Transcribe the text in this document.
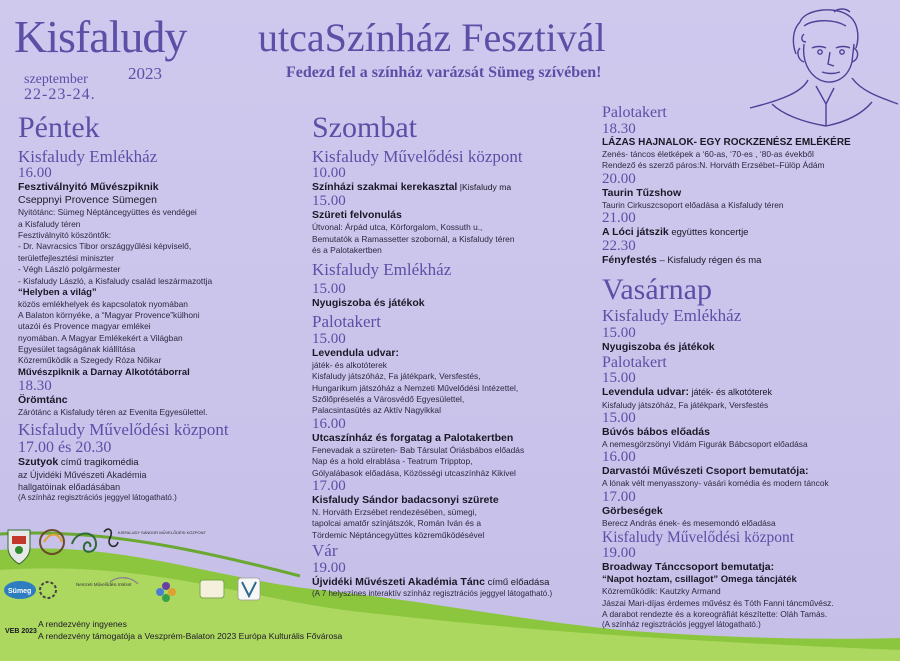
Kisfaludy
2023
szeptember
22-23-24.
utcaSzínház Fesztivál
Fedezd fel a színház varázsát Sümeg szívében!
Péntek
Kisfaludy Emlékház
16.00
Fesztiválnyitó Művészpiknik
Cseppnyi Provence Sümegen
Nyitótánc: Sümeg Néptáncegyüttes és vendégei
a Kisfaludy téren
Fesztiválnyitó köszöntők:
- Dr. Navracsics Tibor országgyűlési képviselő,
területfejlesztési miniszter
- Végh László polgármester
- Kisfaludy László, a Kisfaludy család leszármazottja
“Helyben a világ”
közös emlékhelyek és kapcsolatok nyomában
A Balaton környéke, a “Magyar Provence”külhoni
utazói és Provence magyar emlékei
nyomában. A Magyar Emlékekért a Világban
Egyesület tagságának kiállítása
Közreműködik a Szegedy Róza Nőikar
Művészpiknik a Darnay Alkotótáborral
18.30
Örömtánc
Zárótánc a Kisfaludy téren az Evenita Egyesülettel.
Kisfaludy Művelődési központ
17.00 és 20.30
Szutyok című tragikomédia
az Újvidéki Művészeti Akadémia
hallgatóinak előadásában
(A színház regisztrációs jeggyel látogatható.)
Szombat
Kisfaludy Művelődési központ
10.00
Színházi szakmai kerekasztal |Kisfaludy ma
15.00
Szüreti felvonulás
Útvonal: Árpád utca, Körforgalom, Kossuth u.,
Bemutatók a Ramassetter szobornál, a Kisfaludy téren
és a Palotakertben
Kisfaludy Emlékház
15.00
Nyugiszoba és játékok
Palotakert
15.00
Levendula udvar:
játék- és alkotóterek
Kisfaludy játszóház, Fa játékpark, Versfestés,
Hungarikum játszóház a Nemzeti Művelődési Intézettel,
Szőlőpréselés a Városvédő Egyesülettel,
Palacsintasütés az Aktív Nagyikkal
16.00
Utcaszínház és forgatag a Palotakertben
Fenevadak a szüreten- Bab Társulat Óriásbábos előadás
Nap és a hold elrablása - Teatrum Tripptop,
Gólyalábasok előadása, Közösségi utcaszínház Kikivel
17.00
Kisfaludy Sándor badacsonyi szürete
N. Horváth Erzsébet rendezésében, sümegi,
tapolcai amatőr színjátszók, Román Iván és a
Tördemic Néptáncegyüttes közreműködésével
Vár
19.00
Újvidéki Művészeti Akadémia Tánc című előadása
(A 7 helyszínes interaktív színház regisztrációs jeggyel látogatható.)
Palotakert
18.30
LÁZAS HAJNALOK- EGY ROCKZENÉSZ EMLÉKÉRE
Zenés- táncos életképek a ‘60-as, ‘70-es , ‘80-as évekből
Rendező és szerző páros:N. Horváth Erzsébet–Fülöp Ádám
20.00
Taurin Tűzshow
Taurin Cirkuszcsoport előadása a Kisfaludy téren
21.00
A Lóci játszik együttes koncertje
22.30
Fényfestés – Kisfaludy régen és ma
Vasárnap
Kisfaludy Emlékház
15.00
Nyugiszoba és játékok
Palotakert
15.00
Levendula udvar: játék- és alkotóterek
Kisfaludy játszóház, Fa játékpark, Versfestés
15.00
Búvós bábos előadás
A nemesgörzsönyi Vidám Figurák Bábcsoport előadása
16.00
Darvastói Művészeti Csoport bemutatója:
A lónak vélt menyasszony- vásári komédia és modern táncok
17.00
Görbeségek
Berecz András ének- és mesemondó előadása
Kisfaludy Művelődési központ
19.00
Broadway Tánccsoport bemutatja:
“Napot hoztam, csillagot” Omega táncjáték
Közreműködik: Kautzky Armand
Jászai Mari-díjas érdemes művész és Tóth Fanni táncművész.
A darabot rendezte és a koreográfiát készítette: Oláh Tamás.
(A színház regisztrációs jeggyel látogatható.)
KISFALUDY SÁNDOR MŰVELŐDÉSI KÖZPONT
Sümeg
Nemzeti Művelődési Intézet
VEB 2023
A rendezvény ingyenes
A rendezvény támogatója a Veszprém-Balaton 2023 Európa Kulturális Fővárosa
